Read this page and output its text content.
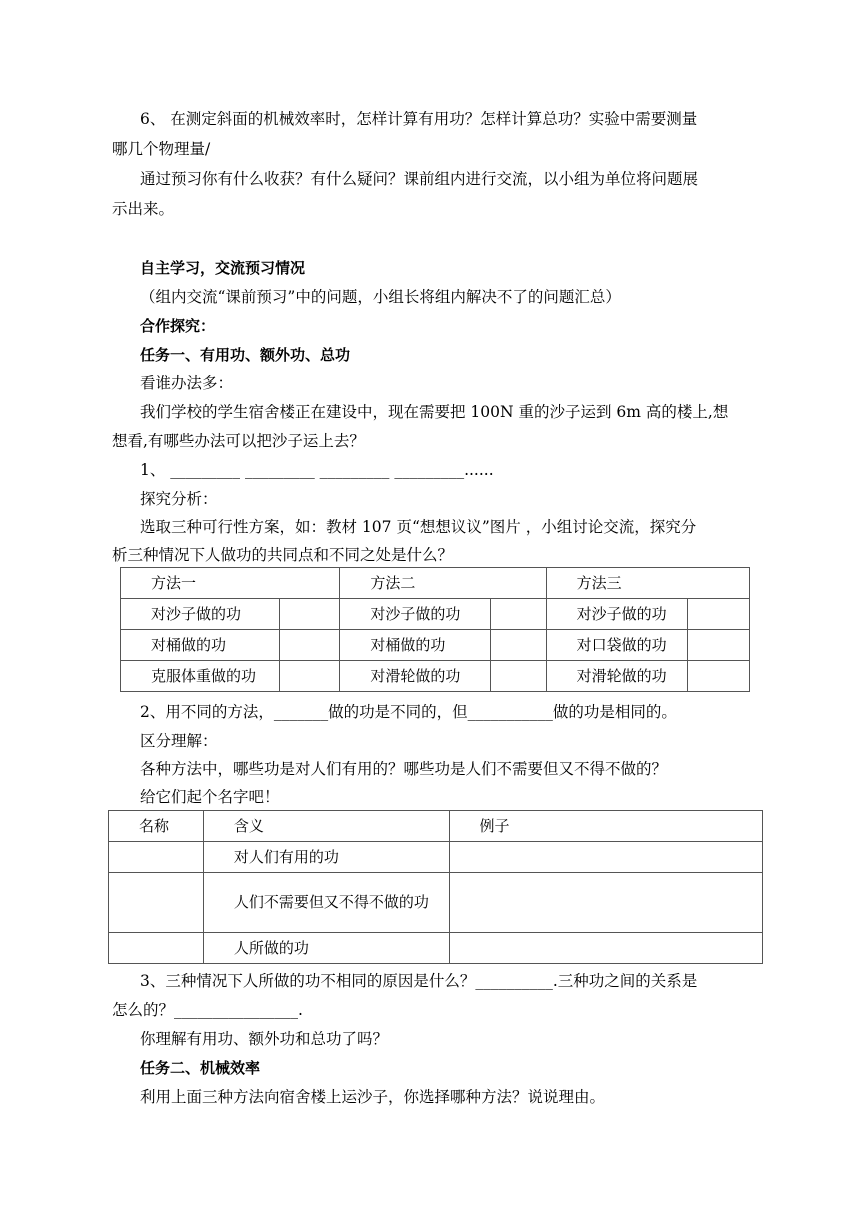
6、 在测定斜面的机械效率时，怎样计算有用功？怎样计算总功？实验中需要测量

哪几个物理量/

通过预习你有什么收获？有什么疑问？课前组内进行交流，以小组为单位将问题展

示出来。

自主学习，交流预习情况

（组内交流“课前预习”中的问题，小组长将组内解决不了的问题汇总）

合作探究：

任务一、有用功、额外功、总功

看谁办法多：

我们学校的学生宿舍楼正在建设中，现在需要把 100N 重的沙子运到 6m 高的楼上,想

想看,有哪些办法可以把沙子运上去？

1、 _________ _________ _________ _________......

探究分析：

选取三种可行性方案，如：教材 107 页“想想议议”图片 ，小组讨论交流，探究分

析三种情况下人做功的共同点和不同之处是什么？

方法一		方法二		方法三	
对沙子做的功		对沙子做的功		对沙子做的功	
对桶做的功		对桶做的功		对口袋做的功	
克服体重做的功		对滑轮做的功		对滑轮做的功	

2、用不同的方法，_______做的功是不同的，但___________做的功是相同的。

区分理解：

各种方法中，哪些功是对人们有用的？哪些功是人们不需要但又不得不做的？

给它们起个名字吧！

名称	含义	例子
	对人们有用的功	
	人们不需要但又不得不做的功	
	人所做的功	

3、三种情况下人所做的功不相同的原因是什么？__________.三种功之间的关系是

怎么的？________________.

你理解有用功、额外功和总功了吗？

任务二、机械效率

利用上面三种方法向宿舍楼上运沙子，你选择哪种方法？说说理由。
